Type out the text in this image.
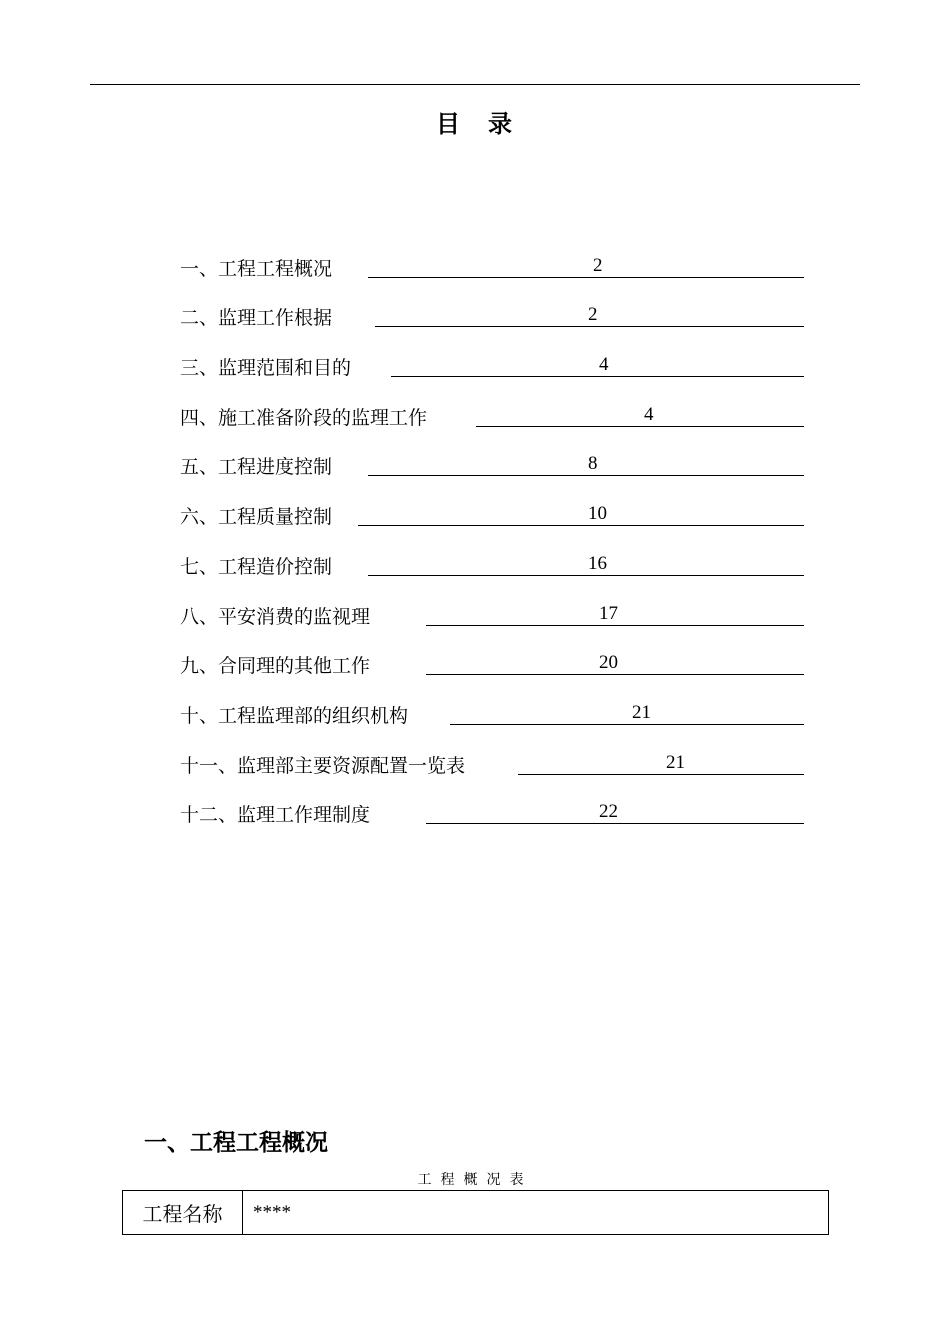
目　录
一、工程工程概况	2
二、监理工作根据	2
三、监理范围和目的	4
四、施工准备阶段的监理工作	4
五、工程进度控制	8
六、工程质量控制	10
七、工程造价控制	16
八、平安消费的监视理	17
九、合同理的其他工作	20
十、工程监理部的组织机构	21
十一、监理部主要资源配置一览表	21
十二、监理工作理制度	22
一、工程工程概况
工程概况表
工程名称	****
